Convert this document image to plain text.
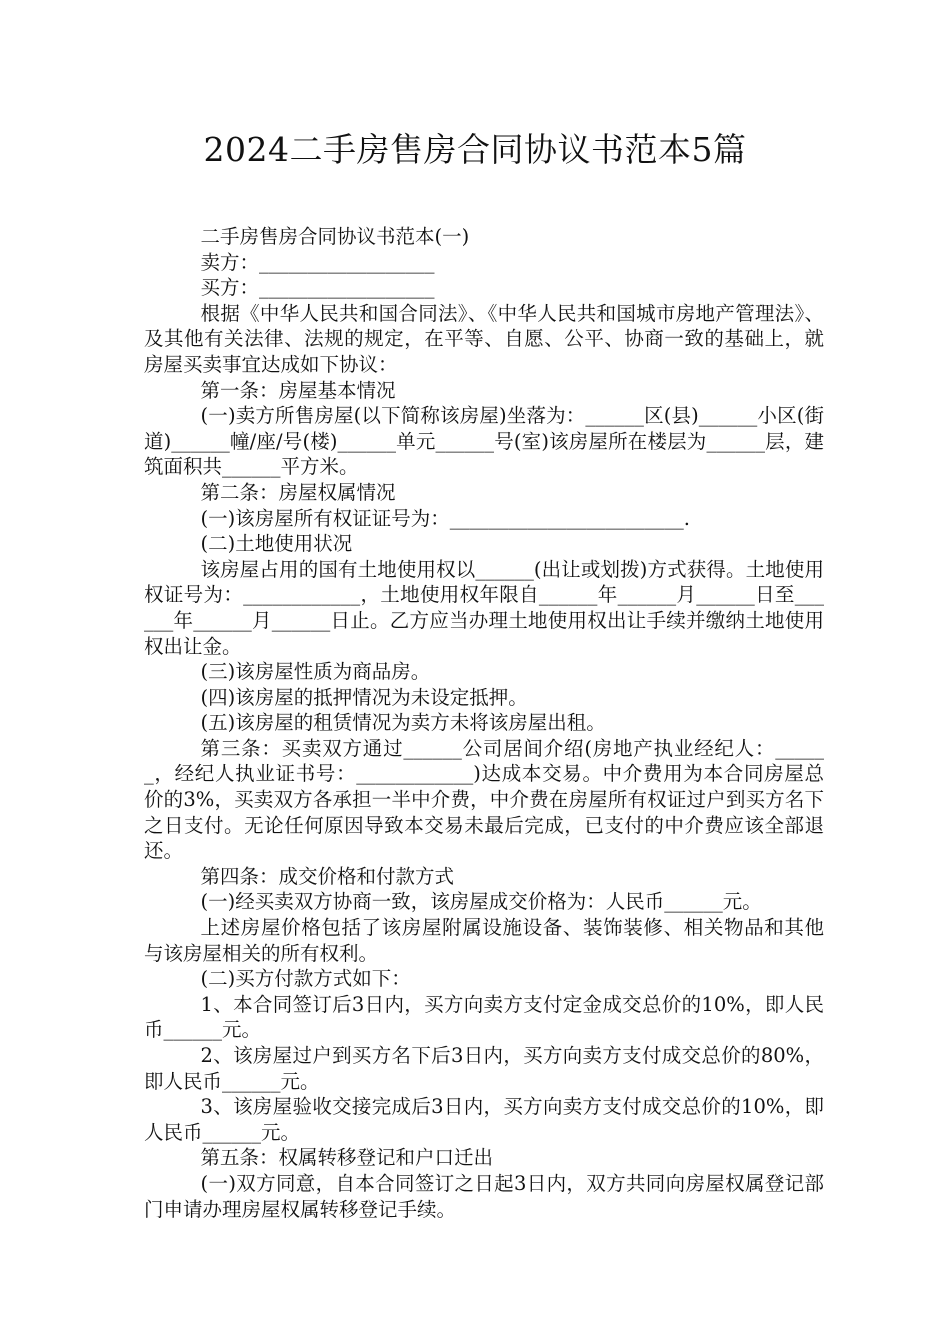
2024二手房售房合同协议书范本5篇

二手房售房合同协议书范本(一)

卖方：__________________

买方：__________________

根据《中华人民共和国合同法》、《中华人民共和国城市房地产管理法》、及其他有关法律、法规的规定，在平等、自愿、公平、协商一致的基础上，就房屋买卖事宜达成如下协议：

第一条：房屋基本情况

(一)卖方所售房屋(以下简称该房屋)坐落为：______区(县)______小区(街道)______幢/座/号(楼)______单元______号(室)该房屋所在楼层为______层，建筑面积共______平方米。

第二条：房屋权属情况

(一)该房屋所有权证证号为：________________________.

(二)土地使用状况

该房屋占用的国有土地使用权以______(出让或划拨)方式获得。土地使用权证号为：____________，土地使用权年限自______年______月______日至______年______月______日止。乙方应当办理土地使用权出让手续并缴纳土地使用权出让金。

(三)该房屋性质为商品房。

(四)该房屋的抵押情况为未设定抵押。

(五)该房屋的租赁情况为卖方未将该房屋出租。

第三条：买卖双方通过______公司居间介绍(房地产执业经纪人：______，经纪人执业证书号：____________)达成本交易。中介费用为本合同房屋总价的3%，买卖双方各承担一半中介费，中介费在房屋所有权证过户到买方名下之日支付。无论任何原因导致本交易未最后完成，已支付的中介费应该全部退还。

第四条：成交价格和付款方式

(一)经买卖双方协商一致，该房屋成交价格为：人民币______元。

上述房屋价格包括了该房屋附属设施设备、装饰装修、相关物品和其他与该房屋相关的所有权利。

(二)买方付款方式如下：

1、本合同签订后3日内，买方向卖方支付定金成交总价的10%，即人民币______元。

2、该房屋过户到买方名下后3日内，买方向卖方支付成交总价的80%，即人民币______元。

3、该房屋验收交接完成后3日内，买方向卖方支付成交总价的10%，即人民币______元。

第五条：权属转移登记和户口迁出

(一)双方同意，自本合同签订之日起3日内，双方共同向房屋权属登记部门申请办理房屋权属转移登记手续。
